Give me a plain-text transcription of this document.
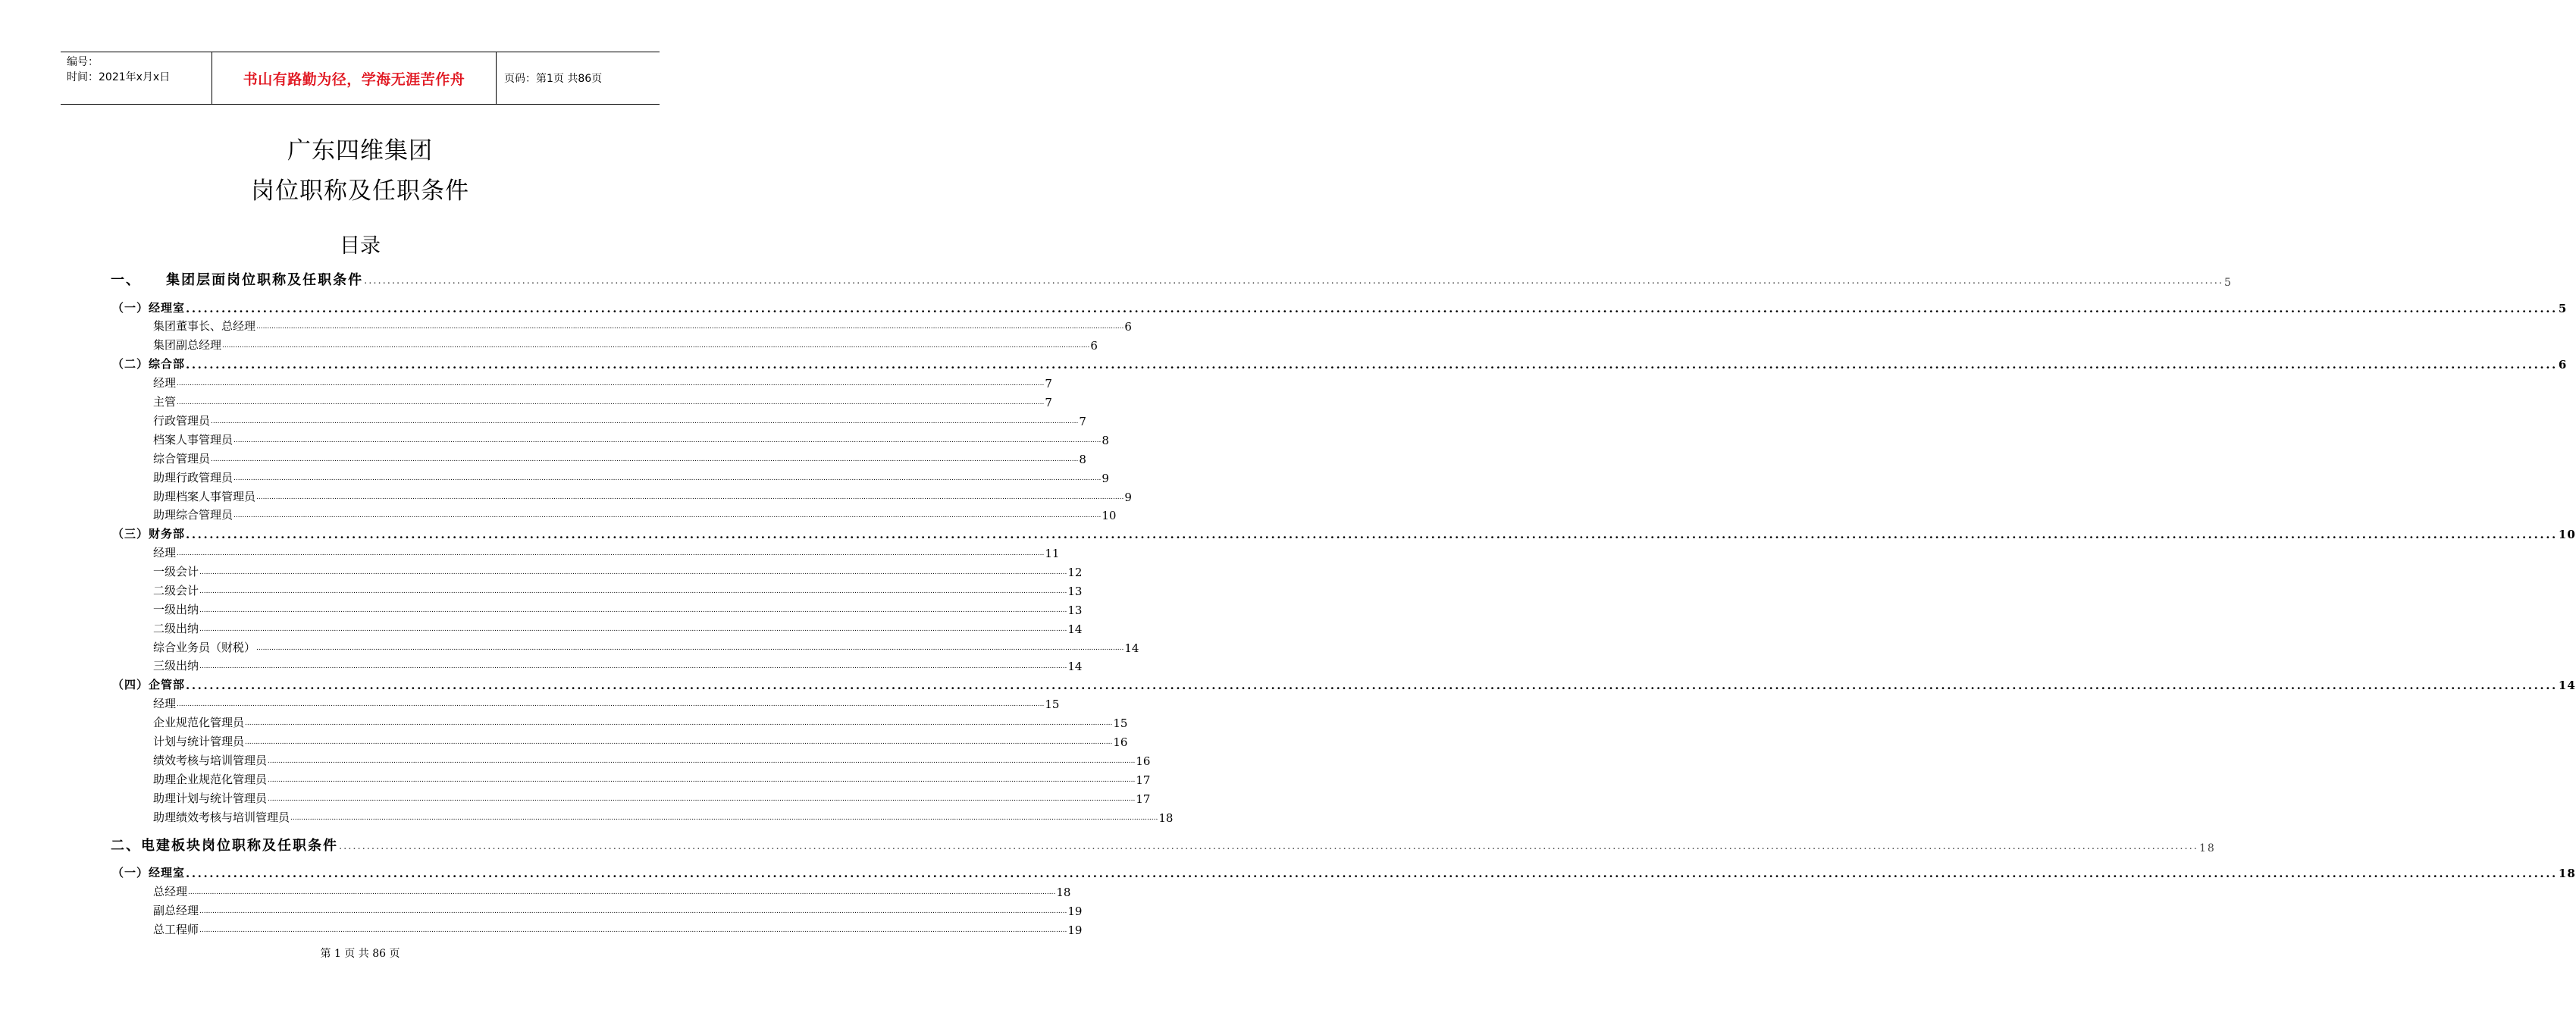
编号：
时间：2021年x月x日	书山有路勤为径，学海无涯苦作舟	页码：第1页 共86页
广东四维集团
岗位职称及任职条件
目录
一、    集团层面岗位职称及任职条件 ................................................................................................................................................................................................................................................................................................................................................................................................................ 5
（一）经理室 ................................................................................................................................................................................................................................................................................................................................................................................................................ 5
集团董事长、总经理 ................................................................................................................................................................................................................................................................................................................................................................................................................ 6
集团副总经理 ................................................................................................................................................................................................................................................................................................................................................................................................................ 6
（二）综合部 ................................................................................................................................................................................................................................................................................................................................................................................................................ 6
经理 ................................................................................................................................................................................................................................................................................................................................................................................................................ 7
主管 ................................................................................................................................................................................................................................................................................................................................................................................................................ 7
行政管理员 ................................................................................................................................................................................................................................................................................................................................................................................................................ 7
档案人事管理员 ................................................................................................................................................................................................................................................................................................................................................................................................................ 8
综合管理员 ................................................................................................................................................................................................................................................................................................................................................................................................................ 8
助理行政管理员 ................................................................................................................................................................................................................................................................................................................................................................................................................ 9
助理档案人事管理员 ................................................................................................................................................................................................................................................................................................................................................................................................................ 9
助理综合管理员 ................................................................................................................................................................................................................................................................................................................................................................................................................ 10
（三）财务部 ................................................................................................................................................................................................................................................................................................................................................................................................................ 10
经理 ................................................................................................................................................................................................................................................................................................................................................................................................................ 11
一级会计 ................................................................................................................................................................................................................................................................................................................................................................................................................ 12
二级会计 ................................................................................................................................................................................................................................................................................................................................................................................................................ 13
一级出纳 ................................................................................................................................................................................................................................................................................................................................................................................................................ 13
二级出纳 ................................................................................................................................................................................................................................................................................................................................................................................................................ 14
综合业务员（财税） ................................................................................................................................................................................................................................................................................................................................................................................................................ 14
三级出纳 ................................................................................................................................................................................................................................................................................................................................................................................................................ 14
（四）企管部 ................................................................................................................................................................................................................................................................................................................................................................................................................ 14
经理 ................................................................................................................................................................................................................................................................................................................................................................................................................ 15
企业规范化管理员 ................................................................................................................................................................................................................................................................................................................................................................................................................ 15
计划与统计管理员 ................................................................................................................................................................................................................................................................................................................................................................................................................ 16
绩效考核与培训管理员 ................................................................................................................................................................................................................................................................................................................................................................................................................ 16
助理企业规范化管理员 ................................................................................................................................................................................................................................................................................................................................................................................................................ 17
助理计划与统计管理员 ................................................................................................................................................................................................................................................................................................................................................................................................................ 17
助理绩效考核与培训管理员 ................................................................................................................................................................................................................................................................................................................................................................................................................ 18
二、电建板块岗位职称及任职条件 ................................................................................................................................................................................................................................................................................................................................................................................................................ 18
（一）经理室 ................................................................................................................................................................................................................................................................................................................................................................................................................ 18
总经理 ................................................................................................................................................................................................................................................................................................................................................................................................................ 18
副总经理 ................................................................................................................................................................................................................................................................................................................................................................................................................ 19
总工程师 ................................................................................................................................................................................................................................................................................................................................................................................................................ 19
第 1 页 共 86 页
